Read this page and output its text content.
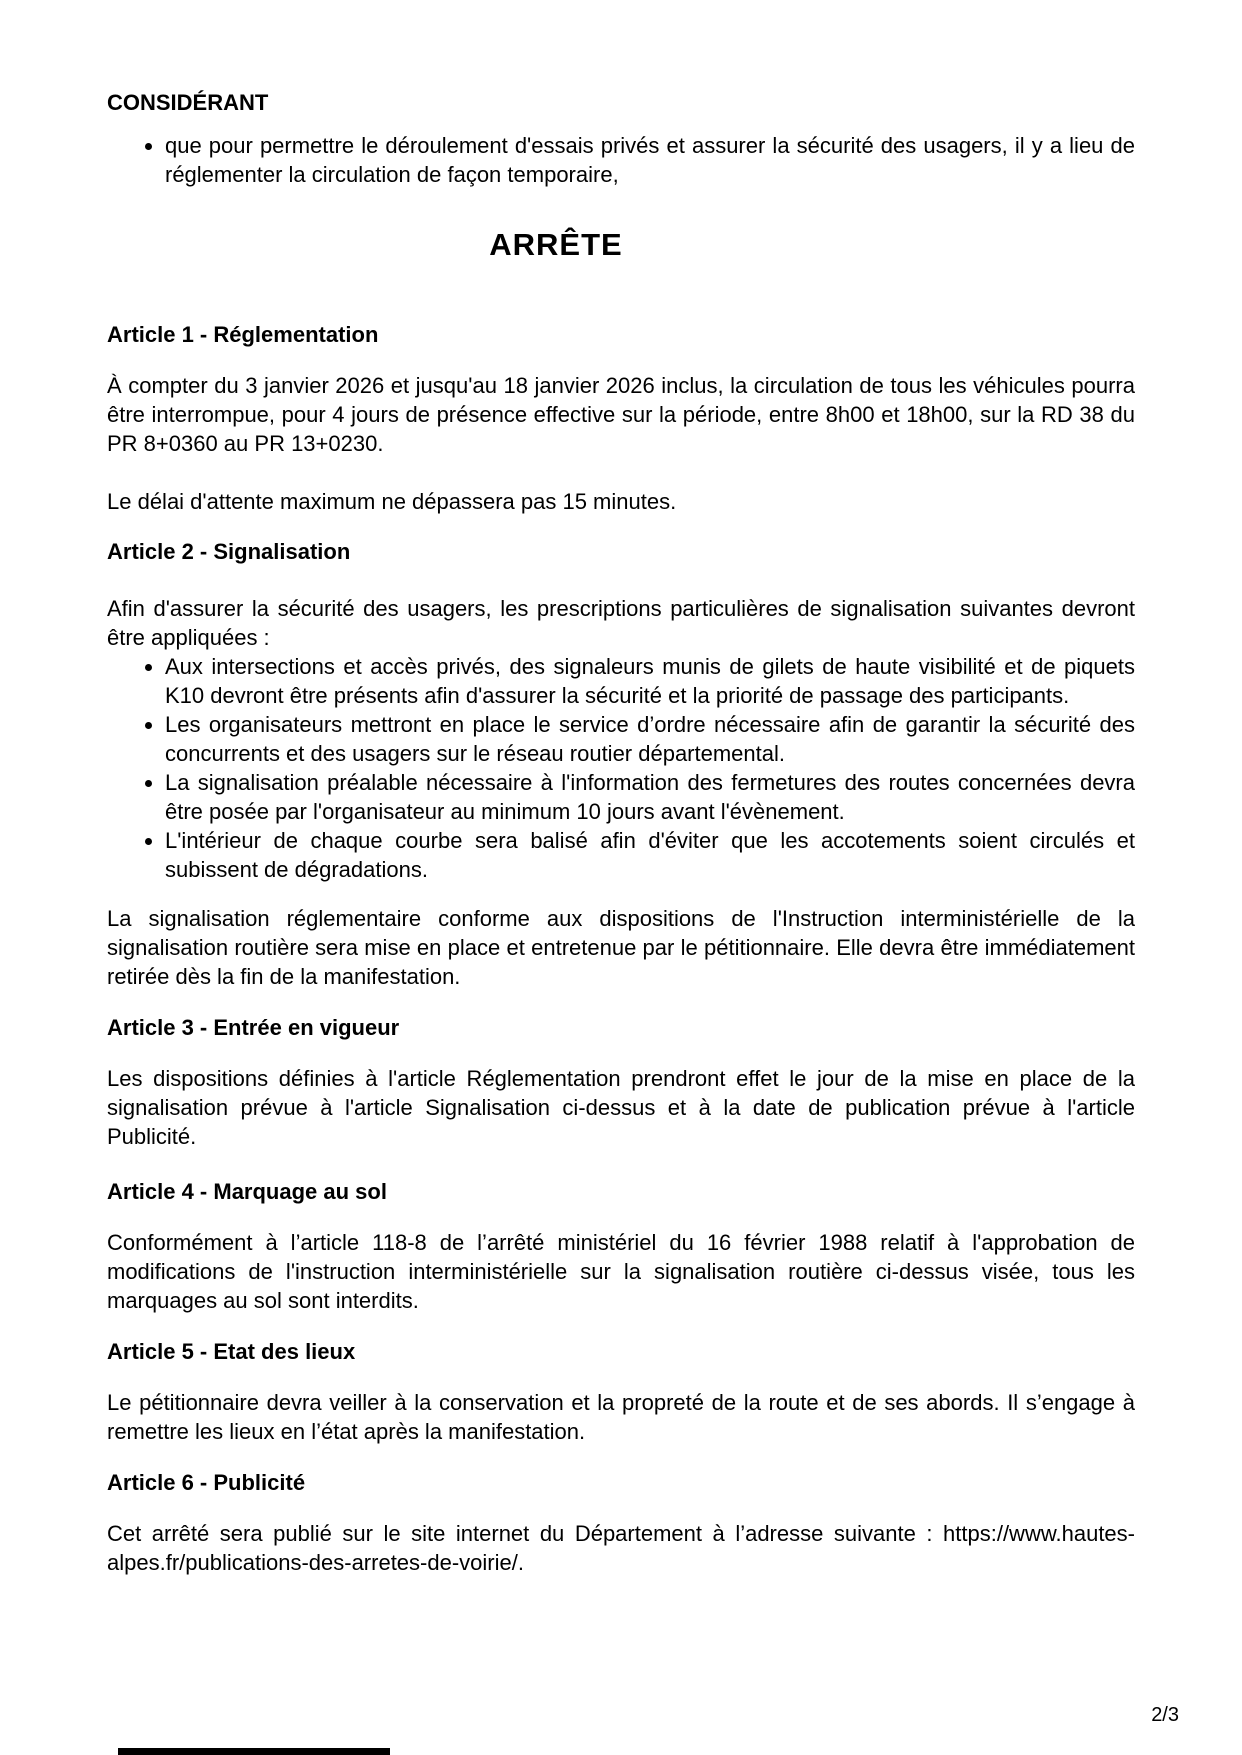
CONSIDÉRANT
• que pour permettre le déroulement d'essais privés et assurer la sécurité des usagers, il y a lieu de réglementer la circulation de façon temporaire,
ARRÊTE
Article 1 - Réglementation

À compter du 3 janvier 2026 et jusqu'au 18 janvier 2026 inclus, la circulation de tous les véhicules pourra être interrompue, pour 4 jours de présence effective sur la période, entre 8h00 et 18h00, sur la RD 38 du PR 8+0360 au PR 13+0230.

Le délai d'attente maximum ne dépassera pas 15 minutes.

Article 2 - Signalisation

Afin d'assurer la sécurité des usagers, les prescriptions particulières de signalisation suivantes devront être appliquées :

• Aux intersections et accès privés, des signaleurs munis de gilets de haute visibilité et de piquets K10 devront être présents afin d'assurer la sécurité et la priorité de passage des participants.
• Les organisateurs mettront en place le service d’ordre nécessaire afin de garantir la sécurité des concurrents et des usagers sur le réseau routier départemental.
• La signalisation préalable nécessaire à l'information des fermetures des routes concernées devra être posée par l'organisateur au minimum 10 jours avant l'évènement.
• L'intérieur de chaque courbe sera balisé afin d'éviter que les accotements soient circulés et subissent de dégradations.

La signalisation réglementaire conforme aux dispositions de l'Instruction interministérielle de la signalisation routière sera mise en place et entretenue par le pétitionnaire. Elle devra être immédiatement retirée dès la fin de la manifestation.

Article 3 - Entrée en vigueur

Les dispositions définies à l'article Réglementation prendront effet le jour de la mise en place de la signalisation prévue à l'article Signalisation ci-dessus et à la date de publication prévue à l'article Publicité.

Article 4 - Marquage au sol

Conformément à l’article 118-8 de l’arrêté ministériel du 16 février 1988 relatif à l'approbation de modifications de l'instruction interministérielle sur la signalisation routière ci-dessus visée, tous les marquages au sol sont interdits.

Article 5 - Etat des lieux

Le pétitionnaire devra veiller à la conservation et la propreté de la route et de ses abords. Il s’engage à remettre les lieux en l’état après la manifestation.

Article 6 - Publicité

Cet arrêté sera publié sur le site internet du Département à l’adresse suivante : https://www.hautes-alpes.fr/publications-des-arretes-de-voirie/.

2/3
